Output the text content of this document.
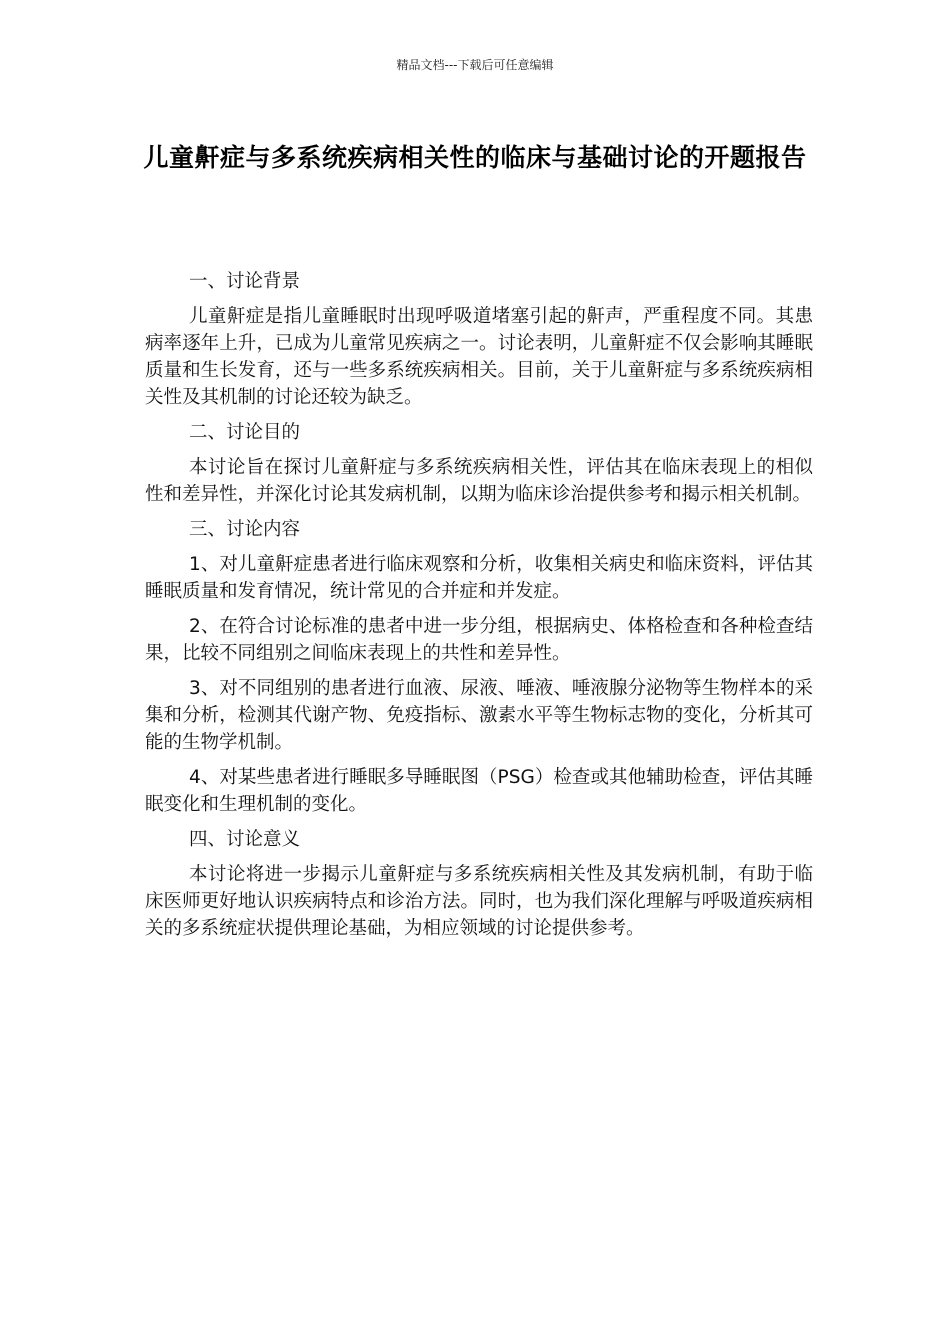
精品文档---下载后可任意编辑
儿童鼾症与多系统疾病相关性的临床与基础讨论的开题报告

一、讨论背景

儿童鼾症是指儿童睡眠时出现呼吸道堵塞引起的鼾声，严重程度不同。其患病率逐年上升，已成为儿童常见疾病之一。讨论表明，儿童鼾症不仅会影响其睡眠质量和生长发育，还与一些多系统疾病相关。目前，关于儿童鼾症与多系统疾病相关性及其机制的讨论还较为缺乏。

二、讨论目的

本讨论旨在探讨儿童鼾症与多系统疾病相关性，评估其在临床表现上的相似性和差异性，并深化讨论其发病机制，以期为临床诊治提供参考和揭示相关机制。

三、讨论内容

1、对儿童鼾症患者进行临床观察和分析，收集相关病史和临床资料，评估其睡眠质量和发育情况，统计常见的合并症和并发症。

2、在符合讨论标准的患者中进一步分组，根据病史、体格检查和各种检查结果，比较不同组别之间临床表现上的共性和差异性。

3、对不同组别的患者进行血液、尿液、唾液、唾液腺分泌物等生物样本的采集和分析，检测其代谢产物、免疫指标、激素水平等生物标志物的变化，分析其可能的生物学机制。

4、对某些患者进行睡眠多导睡眠图（PSG）检查或其他辅助检查，评估其睡眠变化和生理机制的变化。

四、讨论意义

本讨论将进一步揭示儿童鼾症与多系统疾病相关性及其发病机制，有助于临床医师更好地认识疾病特点和诊治方法。同时，也为我们深化理解与呼吸道疾病相关的多系统症状提供理论基础，为相应领域的讨论提供参考。
